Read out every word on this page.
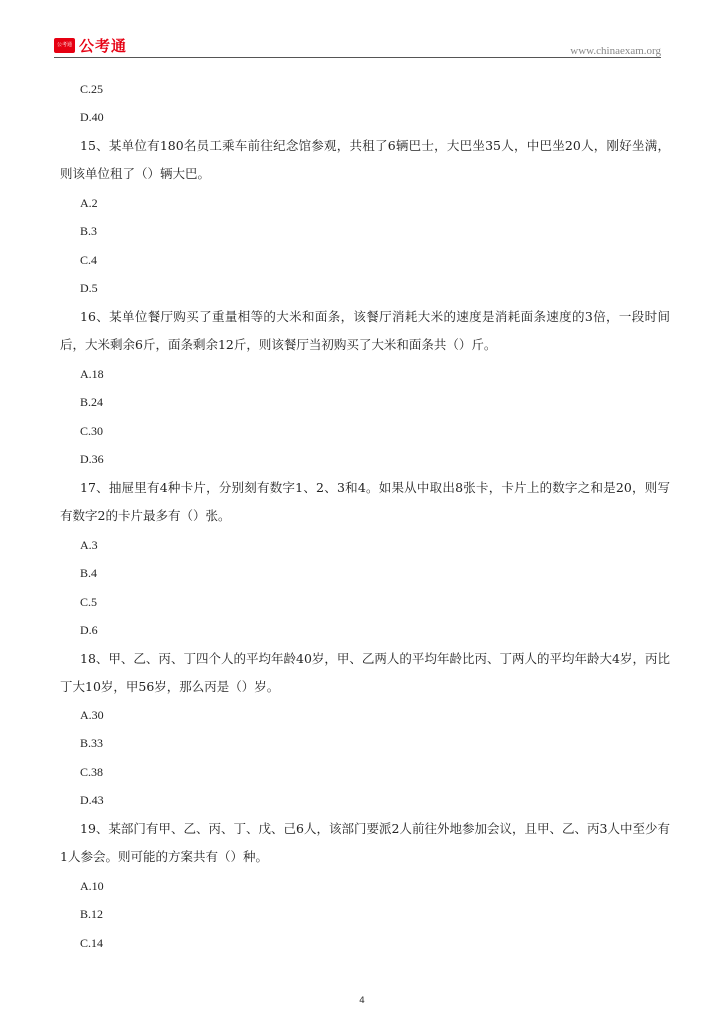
公考通 公考通	www.chinaexam.org

C.25

D.40

15、某单位有180名员工乘车前往纪念馆参观，共租了6辆巴士，大巴坐35人，中巴坐20人，刚好坐满，则该单位租了（）辆大巴。

A.2

B.3

C.4

D.5

16、某单位餐厅购买了重量相等的大米和面条，该餐厅消耗大米的速度是消耗面条速度的3倍，一段时间后，大米剩余6斤，面条剩余12斤，则该餐厅当初购买了大米和面条共（）斤。

A.18

B.24

C.30

D.36

17、抽屉里有4种卡片，分别刻有数字1、2、3和4。如果从中取出8张卡，卡片上的数字之和是20，则写有数字2的卡片最多有（）张。

A.3

B.4

C.5

D.6

18、甲、乙、丙、丁四个人的平均年龄40岁，甲、乙两人的平均年龄比丙、丁两人的平均年龄大4岁，丙比丁大10岁，甲56岁，那么丙是（）岁。

A.30

B.33

C.38

D.43

19、某部门有甲、乙、丙、丁、戊、己6人，该部门要派2人前往外地参加会议，且甲、乙、丙3人中至少有1人参会。则可能的方案共有（）种。

A.10

B.12

C.14

4
